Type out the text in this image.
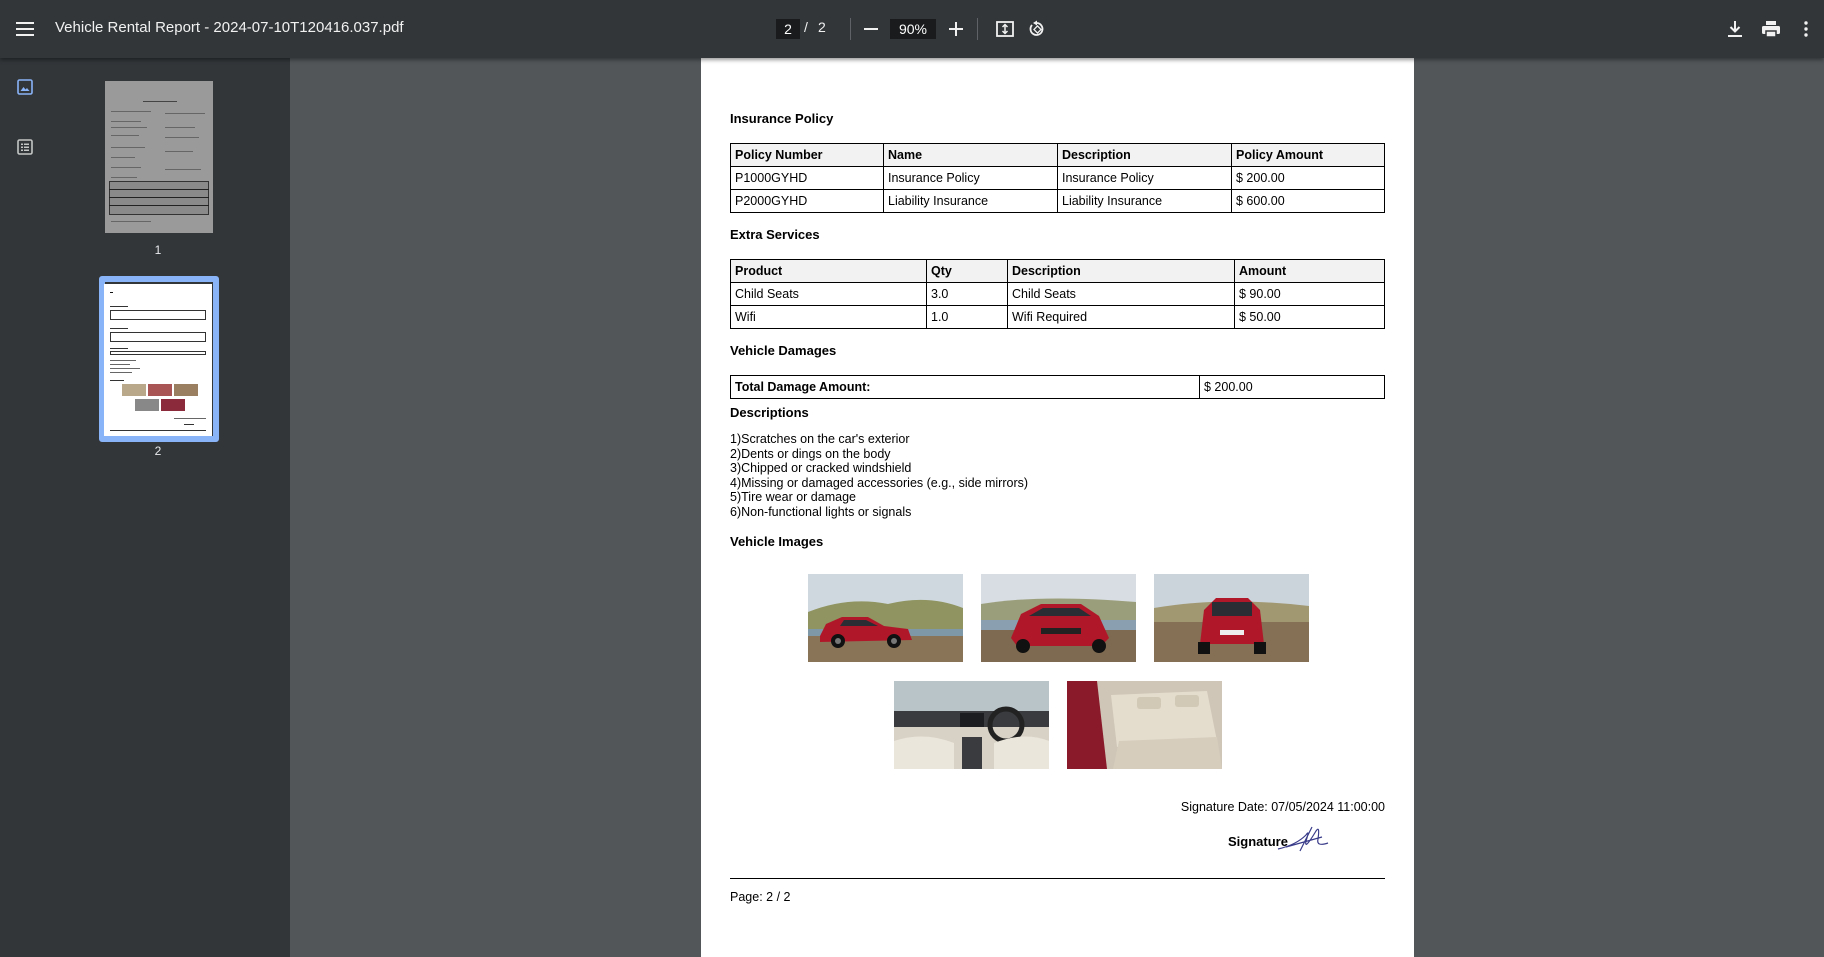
Vehicle Rental Report - 2024-07-10T120416.037.pdf	2 / 2	90%
1
2
Insurance Policy
Policy Number	Name	Description	Policy Amount
P1000GYHD	Insurance Policy	Insurance Policy	$ 200.00
P2000GYHD	Liability Insurance	Liability Insurance	$ 600.00
Extra Services
Product	Qty	Description	Amount
Child Seats	3.0	Child Seats	$ 90.00
Wifi	1.0	Wifi Required	$ 50.00
Vehicle Damages
Total Damage Amount:	$ 200.00
Descriptions
1)Scratches on the car's exterior
2)Dents or dings on the body
3)Chipped or cracked windshield
4)Missing or damaged accessories (e.g., side mirrors)
5)Tire wear or damage
6)Non-functional lights or signals
Vehicle Images
Signature Date: 07/05/2024 11:00:00
Signature
Page: 2 / 2
